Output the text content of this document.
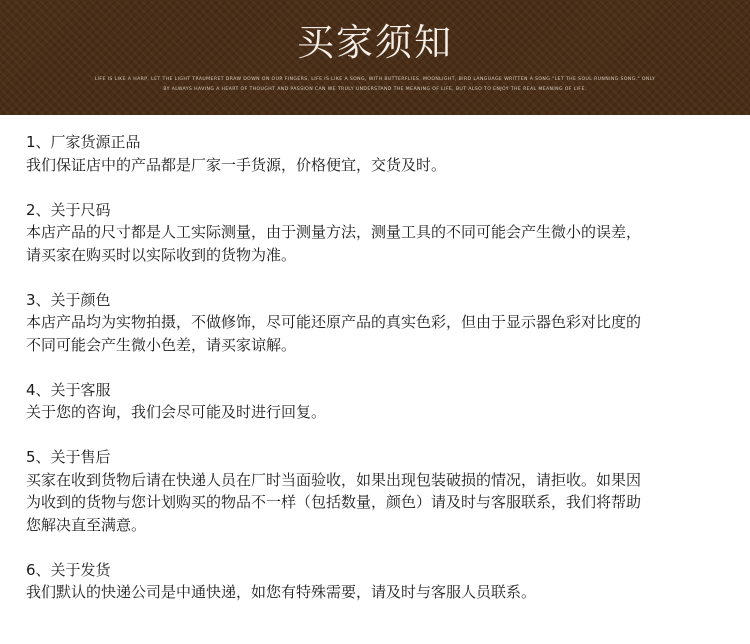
买家须知
LIFE IS LIKE A HARP, LET THE LIGHT TRAUMERET DRAW DOWN ON OUR FINGERS, LIFE IS LIKE A SONG, WITH BUTTERFLIES, MOONLIGHT, BIRD LANGUAGE WRITTEN A SONG "LET THE SOUL RUNNING SONG." ONLY
BY ALWAYS HAVING A HEART OF THOUGHT AND PASSION CAN WE TRULY UNDERSTAND THE MEANING OF LIFE, BUT ALSO TO ENJOY THE REAL MEANING OF LIFE.
1、厂家货源正品
我们保证店中的产品都是厂家一手货源，价格便宜，交货及时。
2、关于尺码
本店产品的尺寸都是人工实际测量，由于测量方法，测量工具的不同可能会产生微小的误差，
请买家在购买时以实际收到的货物为准。
3、关于颜色
本店产品均为实物拍摄，不做修饰，尽可能还原产品的真实色彩，但由于显示器色彩对比度的
不同可能会产生微小色差，请买家谅解。
4、关于客服
关于您的咨询，我们会尽可能及时进行回复。
5、关于售后
买家在收到货物后请在快递人员在厂时当面验收，如果出现包装破损的情况，请拒收。如果因
为收到的货物与您计划购买的物品不一样（包括数量，颜色）请及时与客服联系，我们将帮助
您解决直至满意。
6、关于发货
我们默认的快递公司是中通快递，如您有特殊需要，请及时与客服人员联系。
